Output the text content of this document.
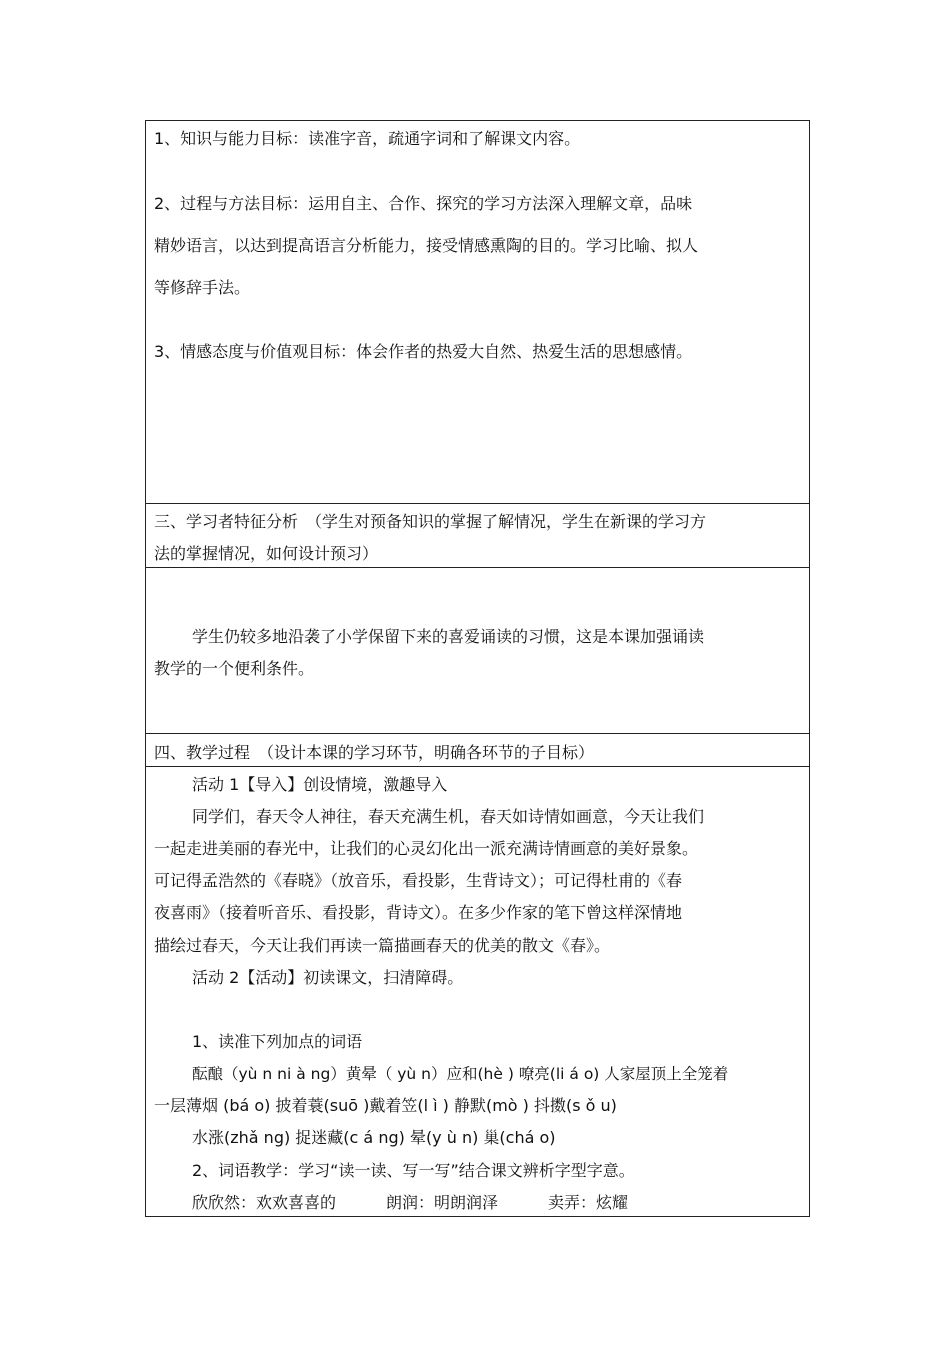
1、知识与能力目标：读准字音，疏通字词和了解课文内容。
2、过程与方法目标：运用自主、合作、探究的学习方法深入理解文章，品味
精妙语言，以达到提高语言分析能力，接受情感熏陶的目的。学习比喻、拟人
等修辞手法。
3、情感态度与价值观目标：体会作者的热爱大自然、热爱生活的思想感情。
三、学习者特征分析　（学生对预备知识的掌握了解情况，学生在新课的学习方
法的掌握情况，如何设计预习）
学生仍较多地沿袭了小学保留下来的喜爱诵读的习惯，这是本课加强诵读
教学的一个便利条件。
四、教学过程　（设计本课的学习环节，明确各环节的子目标）
活动 1【导入】创设情境，激趣导入
同学们，春天令人神往，春天充满生机，春天如诗情如画意，今天让我们
一起走进美丽的春光中，让我们的心灵幻化出一派充满诗情画意的美好景象。
可记得孟浩然的《春晓》（放音乐，看投影，生背诗文）；可记得杜甫的《春
夜喜雨》（接着听音乐、看投影，背诗文）。在多少作家的笔下曾这样深情地
描绘过春天，今天让我们再读一篇描画春天的优美的散文《春》。
活动 2【活动】初读课文，扫清障碍。
1、读准下列加点的词语
酝酿（yù n ni à ng）黄晕（ yù n）应和(hè ) 嘹亮(li á o) 人家屋顶上全笼着
一层薄烟 (bá o) 披着蓑(suō )戴着笠(l ì ) 静默(mò ) 抖擞(s ǒ u)
水涨(zhǎ ng) 捉迷藏(c á ng) 晕(y ù n) 巢(chá o)
2、词语教学：学习“读一读、写一写”结合课文辨析字型字意。
欣欣然：欢欢喜喜的	朗润：明朗润泽	卖弄：炫耀
